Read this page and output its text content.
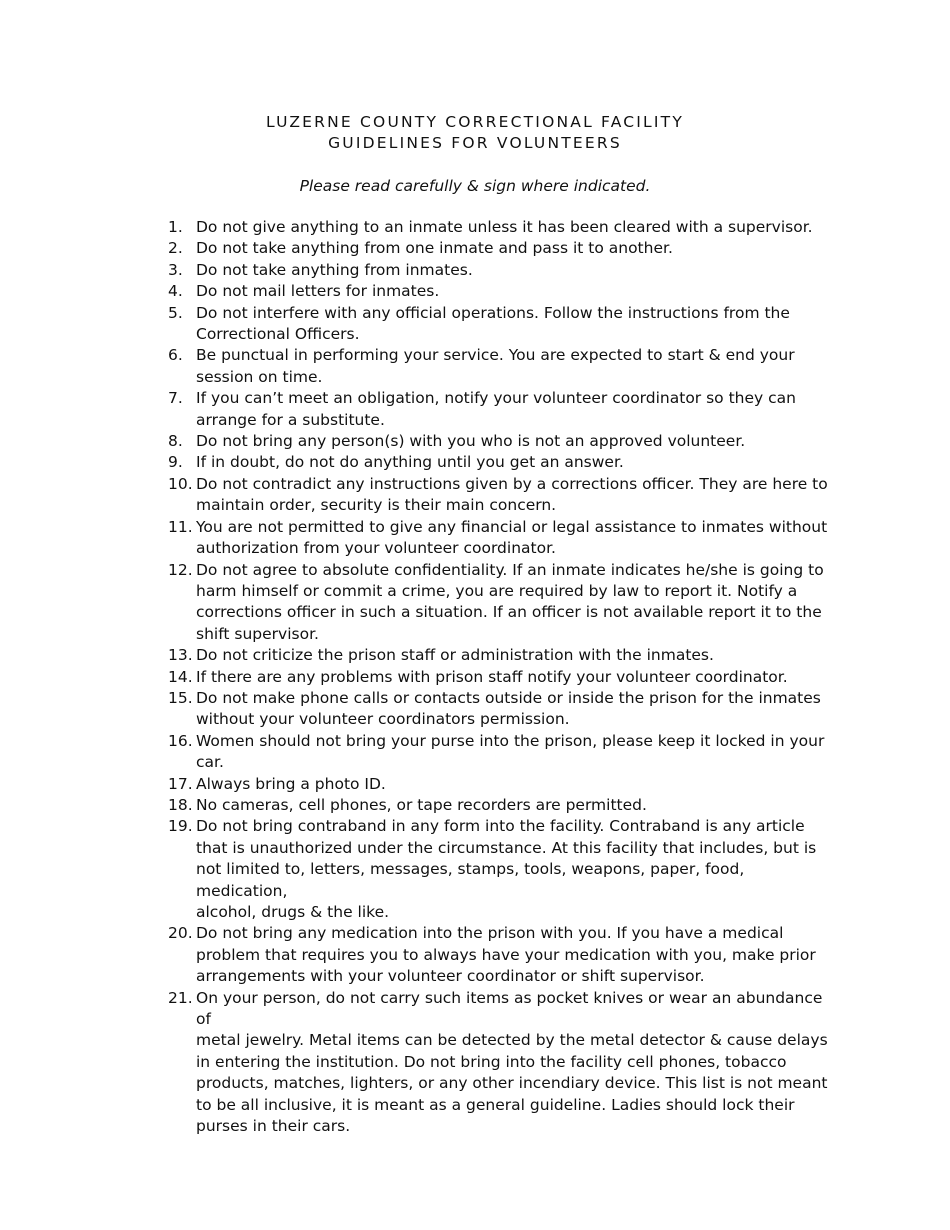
LUZERNE COUNTY CORRECTIONAL FACILITY
GUIDELINES FOR VOLUNTEERS
Please read carefully & sign where indicated.
1. Do not give anything to an inmate unless it has been cleared with a supervisor.
2. Do not take anything from one inmate and pass it to another.
3. Do not take anything from inmates.
4. Do not mail letters for inmates.
5. Do not interfere with any official operations. Follow the instructions from the
Correctional Officers.
6. Be punctual in performing your service. You are expected to start & end your
session on time.
7. If you can’t meet an obligation, notify your volunteer coordinator so they can
arrange for a substitute.
8. Do not bring any person(s) with you who is not an approved volunteer.
9. If in doubt, do not do anything until you get an answer.
10. Do not contradict any instructions given by a corrections officer. They are here to
maintain order, security is their main concern.
11. You are not permitted to give any financial or legal assistance to inmates without
authorization from your volunteer coordinator.
12. Do not agree to absolute confidentiality. If an inmate indicates he/she is going to
harm himself or commit a crime, you are required by law to report it. Notify a
corrections officer in such a situation. If an officer is not available report it to the
shift supervisor.
13. Do not criticize the prison staff or administration with the inmates.
14. If there are any problems with prison staff notify your volunteer coordinator.
15. Do not make phone calls or contacts outside or inside the prison for the inmates
without your volunteer coordinators permission.
16. Women should not bring your purse into the prison, please keep it locked in your
car.
17. Always bring a photo ID.
18. No cameras, cell phones, or tape recorders are permitted.
19. Do not bring contraband in any form into the facility. Contraband is any article
that is unauthorized under the circumstance. At this facility that includes, but is
not limited to, letters, messages, stamps, tools, weapons, paper, food, medication,
alcohol, drugs & the like.
20. Do not bring any medication into the prison with you. If you have a medical
problem that requires you to always have your medication with you, make prior
arrangements with your volunteer coordinator or shift supervisor.
21. On your person, do not carry such items as pocket knives or wear an abundance of
metal jewelry. Metal items can be detected by the metal detector & cause delays
in entering the institution. Do not bring into the facility cell phones, tobacco
products, matches, lighters, or any other incendiary device. This list is not meant
to be all inclusive, it is meant as a general guideline. Ladies should lock their
purses in their cars.
